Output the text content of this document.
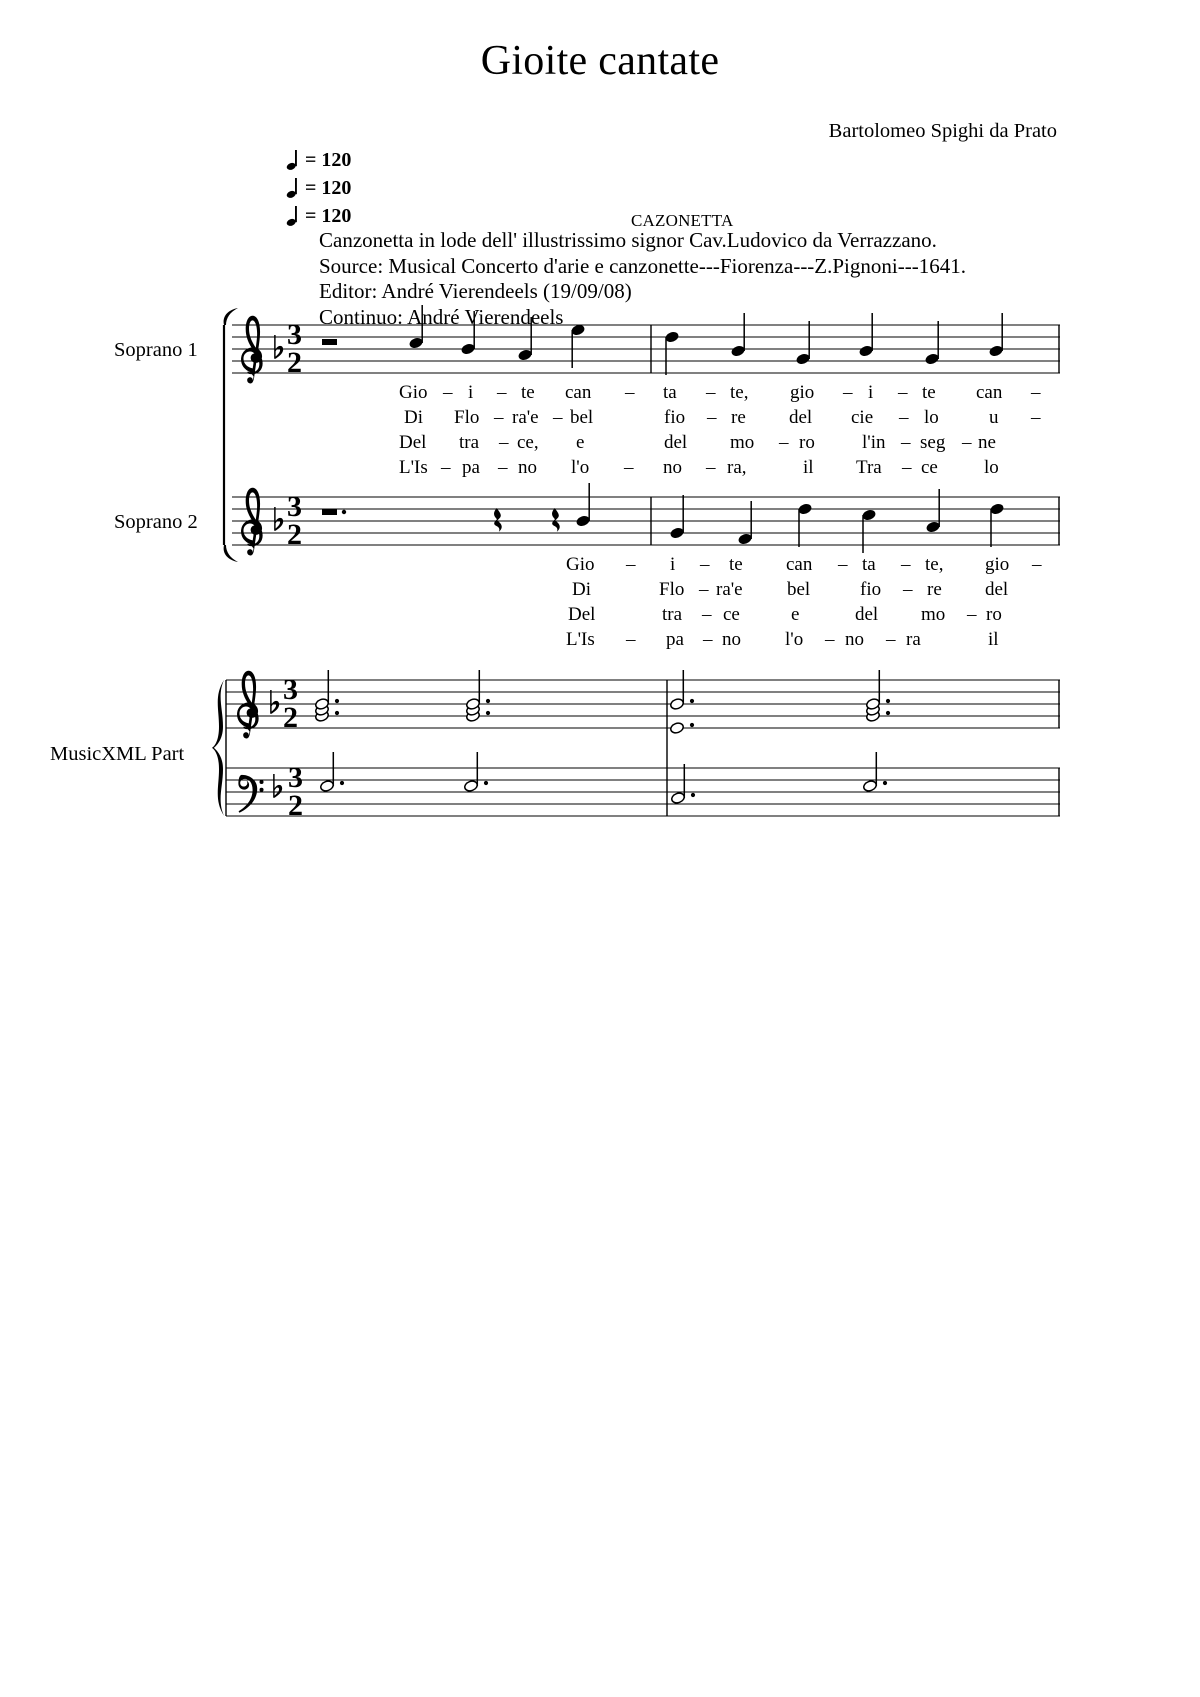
Gioite cantate
Bartolomeo Spighi da Prato
= 120
= 120
= 120	CAZONETTA
Canzonetta in lode dell' illustrissimo signor Cav.Ludovico da Verrazzano.
Source: Musical Concerto d'arie e canzonette---Fiorenza---Z.Pignoni---1641.
Editor: André Vierendeels (19/09/08)
Continuo: André Vierendeels
Soprano 1	3
2
Gio – i – te can – ta – te, gio – i – te can –
Di Flo – ra'e – bel	fio – re del cie – lo	u –
Del tra – ce, e	del mo – ro l'in – seg – ne
L'Is – pa – no l'o – no – ra,	il Tra – ce lo
Soprano 2	3
2
Gio – i – te can – ta – te, gio –
Di	Flo – ra'e bel	fio – re del
Del	tra – ce	e	del mo – ro
L'Is – pa – no l'o – no – ra	il
MusicXML Part
3
2
3
2
